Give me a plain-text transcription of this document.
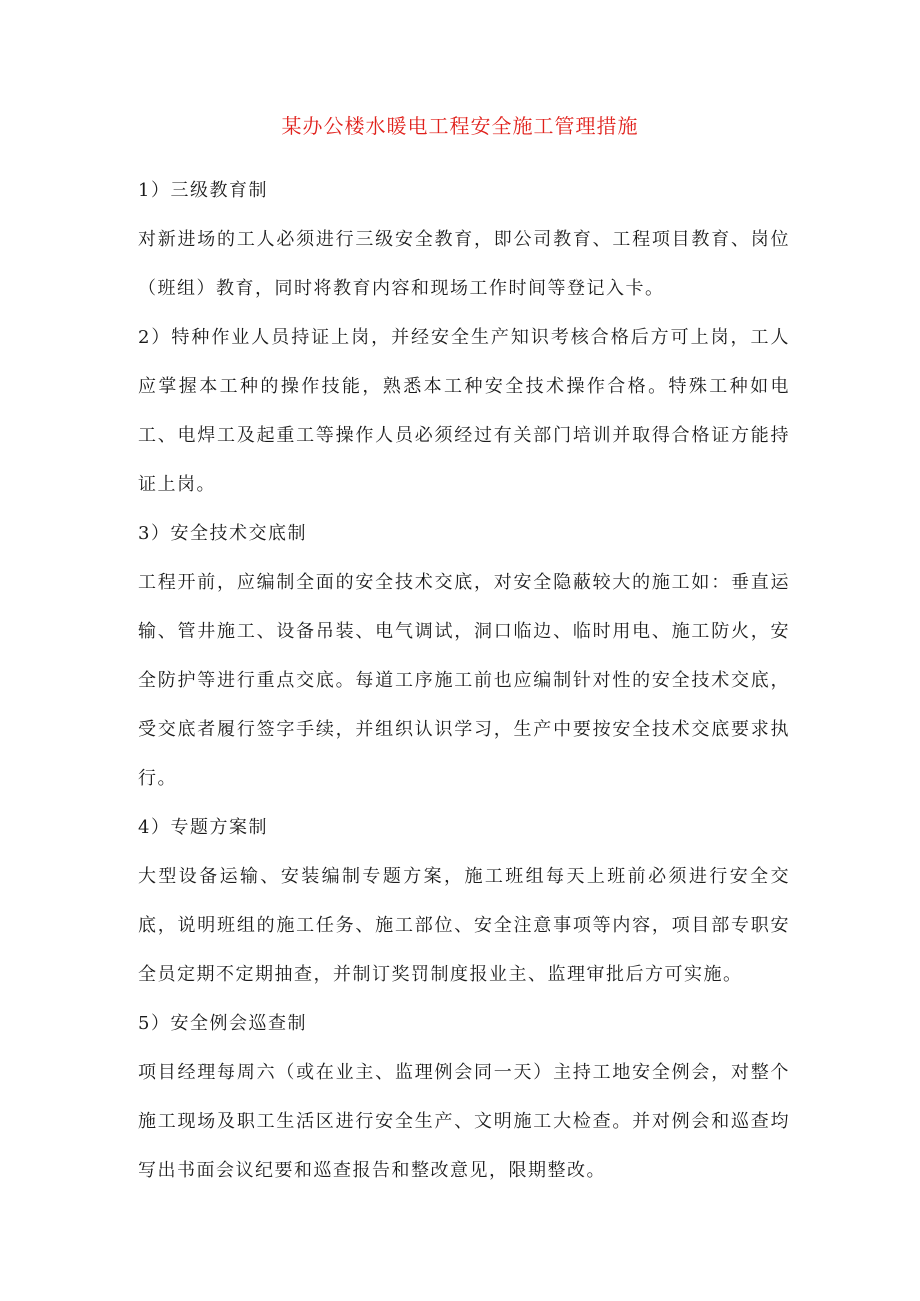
某办公楼水暖电工程安全施工管理措施

1）三级教育制

对新进场的工人必须进行三级安全教育，即公司教育、工程项目教育、岗位（班组）教育，同时将教育内容和现场工作时间等登记入卡。

2）特种作业人员持证上岗，并经安全生产知识考核合格后方可上岗，工人应掌握本工种的操作技能，熟悉本工种安全技术操作合格。特殊工种如电工、电焊工及起重工等操作人员必须经过有关部门培训并取得合格证方能持证上岗。

3）安全技术交底制

工程开前，应编制全面的安全技术交底，对安全隐蔽较大的施工如：垂直运输、管井施工、设备吊装、电气调试，洞口临边、临时用电、施工防火，安全防护等进行重点交底。每道工序施工前也应编制针对性的安全技术交底，受交底者履行签字手续，并组织认识学习，生产中要按安全技术交底要求执行。

4）专题方案制

大型设备运输、安装编制专题方案，施工班组每天上班前必须进行安全交底，说明班组的施工任务、施工部位、安全注意事项等内容，项目部专职安全员定期不定期抽查，并制订奖罚制度报业主、监理审批后方可实施。

5）安全例会巡查制

项目经理每周六（或在业主、监理例会同一天）主持工地安全例会，对整个施工现场及职工生活区进行安全生产、文明施工大检查。并对例会和巡查均写出书面会议纪要和巡查报告和整改意见，限期整改。
